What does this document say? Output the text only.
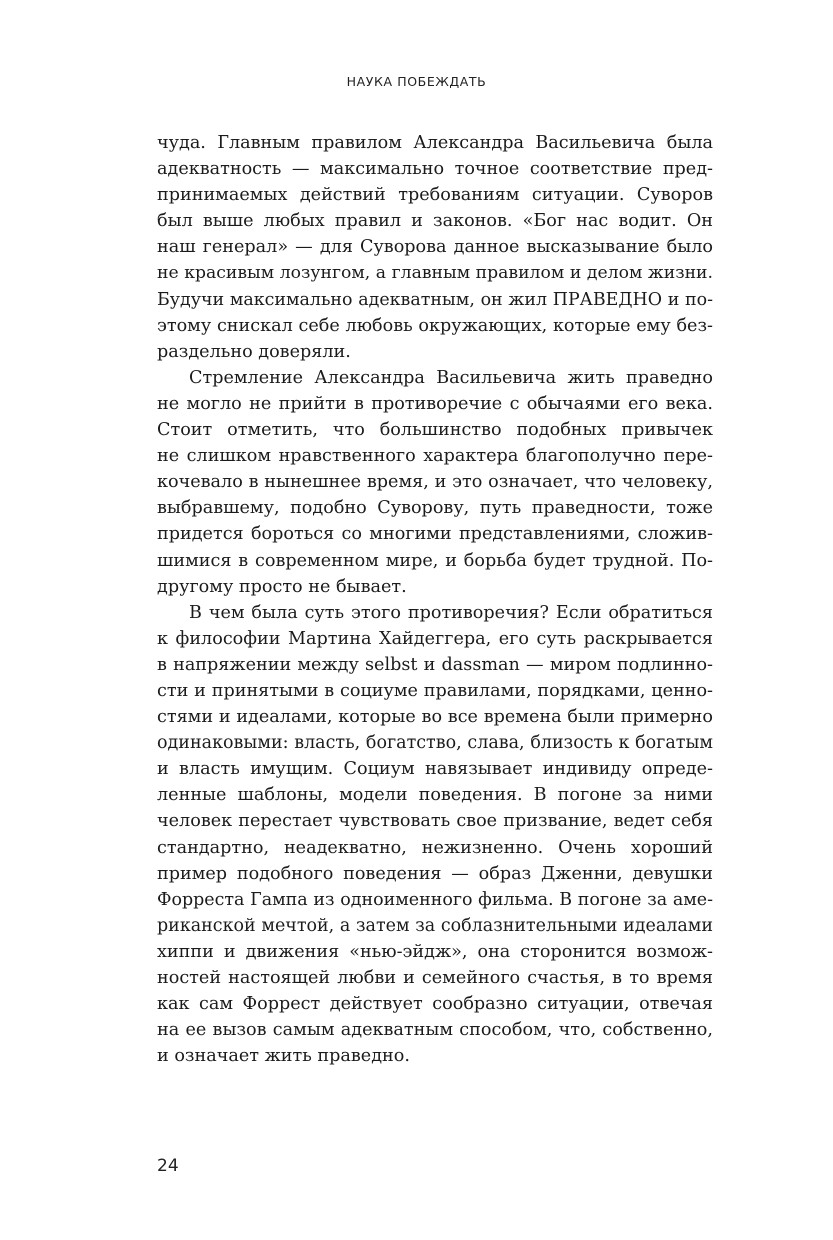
НАУКА ПОБЕЖДАТЬ
чуда. Главным правилом Александра Васильевича была
адекватность — максимально точное соответствие пред-
принимаемых действий требованиям ситуации. Суворов
был выше любых правил и законов. «Бог нас водит. Он
наш генерал» — для Суворова данное высказывание было
не красивым лозунгом, а главным правилом и делом жизни.
Будучи максимально адекватным, он жил ПРАВЕДНО и по-
этому снискал себе любовь окружающих, которые ему без-
раздельно доверяли.
Стремление Александра Васильевича жить праведно
не могло не прийти в противоречие с обычаями его века.
Стоит отметить, что большинство подобных привычек
не слишком нравственного характера благополучно пере-
кочевало в нынешнее время, и это означает, что человеку,
выбравшему, подобно Суворову, путь праведности, тоже
придется бороться со многими представлениями, сложив-
шимися в современном мире, и борьба будет трудной. По-
другому просто не бывает.
В чем была суть этого противоречия? Если обратиться
к философии Мартина Хайдеггера, его суть раскрывается
в напряжении между selbst и dassman — миром подлинно-
сти и принятыми в социуме правилами, порядками, ценно-
стями и идеалами, которые во все времена были примерно
одинаковыми: власть, богатство, слава, близость к богатым
и власть имущим. Социум навязывает индивиду опреде-
ленные шаблоны, модели поведения. В погоне за ними
человек перестает чувствовать свое призвание, ведет себя
стандартно, неадекватно, нежизненно. Очень хороший
пример подобного поведения — образ Дженни, девушки
Форреста Гампа из одноименного фильма. В погоне за аме-
риканской мечтой, а затем за соблазнительными идеалами
хиппи и движения «нью-эйдж», она сторонится возмож-
ностей настоящей любви и семейного счастья, в то время
как сам Форрест действует сообразно ситуации, отвечая
на ее вызов самым адекватным способом, что, собственно,
и означает жить праведно.
24
